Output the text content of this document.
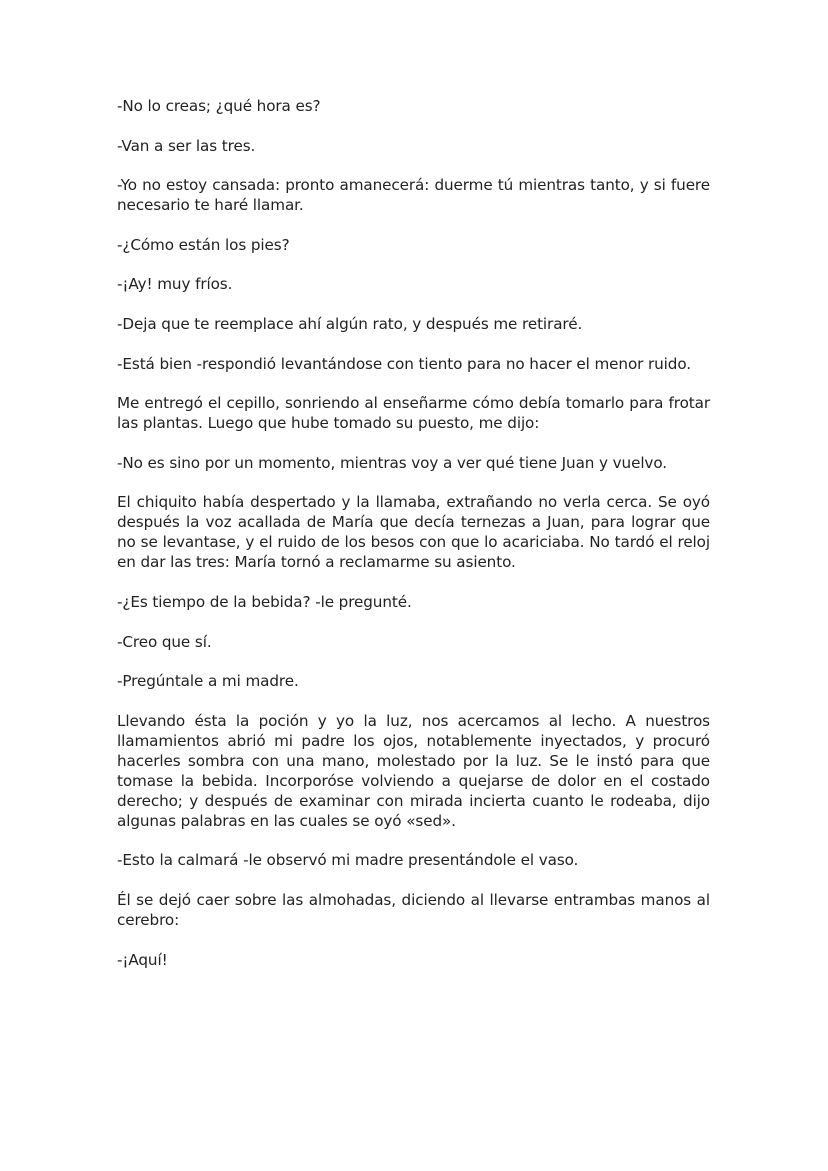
-No lo creas; ¿qué hora es?

-Van a ser las tres.

-Yo no estoy cansada: pronto amanecerá: duerme tú mientras tanto, y si fuere necesario te haré llamar.

-¿Cómo están los pies?

-¡Ay! muy fríos.

-Deja que te reemplace ahí algún rato, y después me retiraré.

-Está bien -respondió levantándose con tiento para no hacer el menor ruido.

Me entregó el cepillo, sonriendo al enseñarme cómo debía tomarlo para frotar las plantas. Luego que hube tomado su puesto, me dijo:

-No es sino por un momento, mientras voy a ver qué tiene Juan y vuelvo.

El chiquito había despertado y la llamaba, extrañando no verla cerca. Se oyó después la voz acallada de María que decía ternezas a Juan, para lograr que no se levantase, y el ruido de los besos con que lo acariciaba. No tardó el reloj en dar las tres: María tornó a reclamarme su asiento.

-¿Es tiempo de la bebida? -le pregunté.

-Creo que sí.

-Pregúntale a mi madre.

Llevando ésta la poción y yo la luz, nos acercamos al lecho. A nuestros llamamientos abrió mi padre los ojos, notablemente inyectados, y procuró hacerles sombra con una mano, molestado por la luz. Se le instó para que tomase la bebida. Incorporóse volviendo a quejarse de dolor en el costado derecho; y después de examinar con mirada incierta cuanto le rodeaba, dijo algunas palabras en las cuales se oyó «sed».

-Esto la calmará -le observó mi madre presentándole el vaso.

Él se dejó caer sobre las almohadas, diciendo al llevarse entrambas manos al cerebro:

-¡Aquí!
